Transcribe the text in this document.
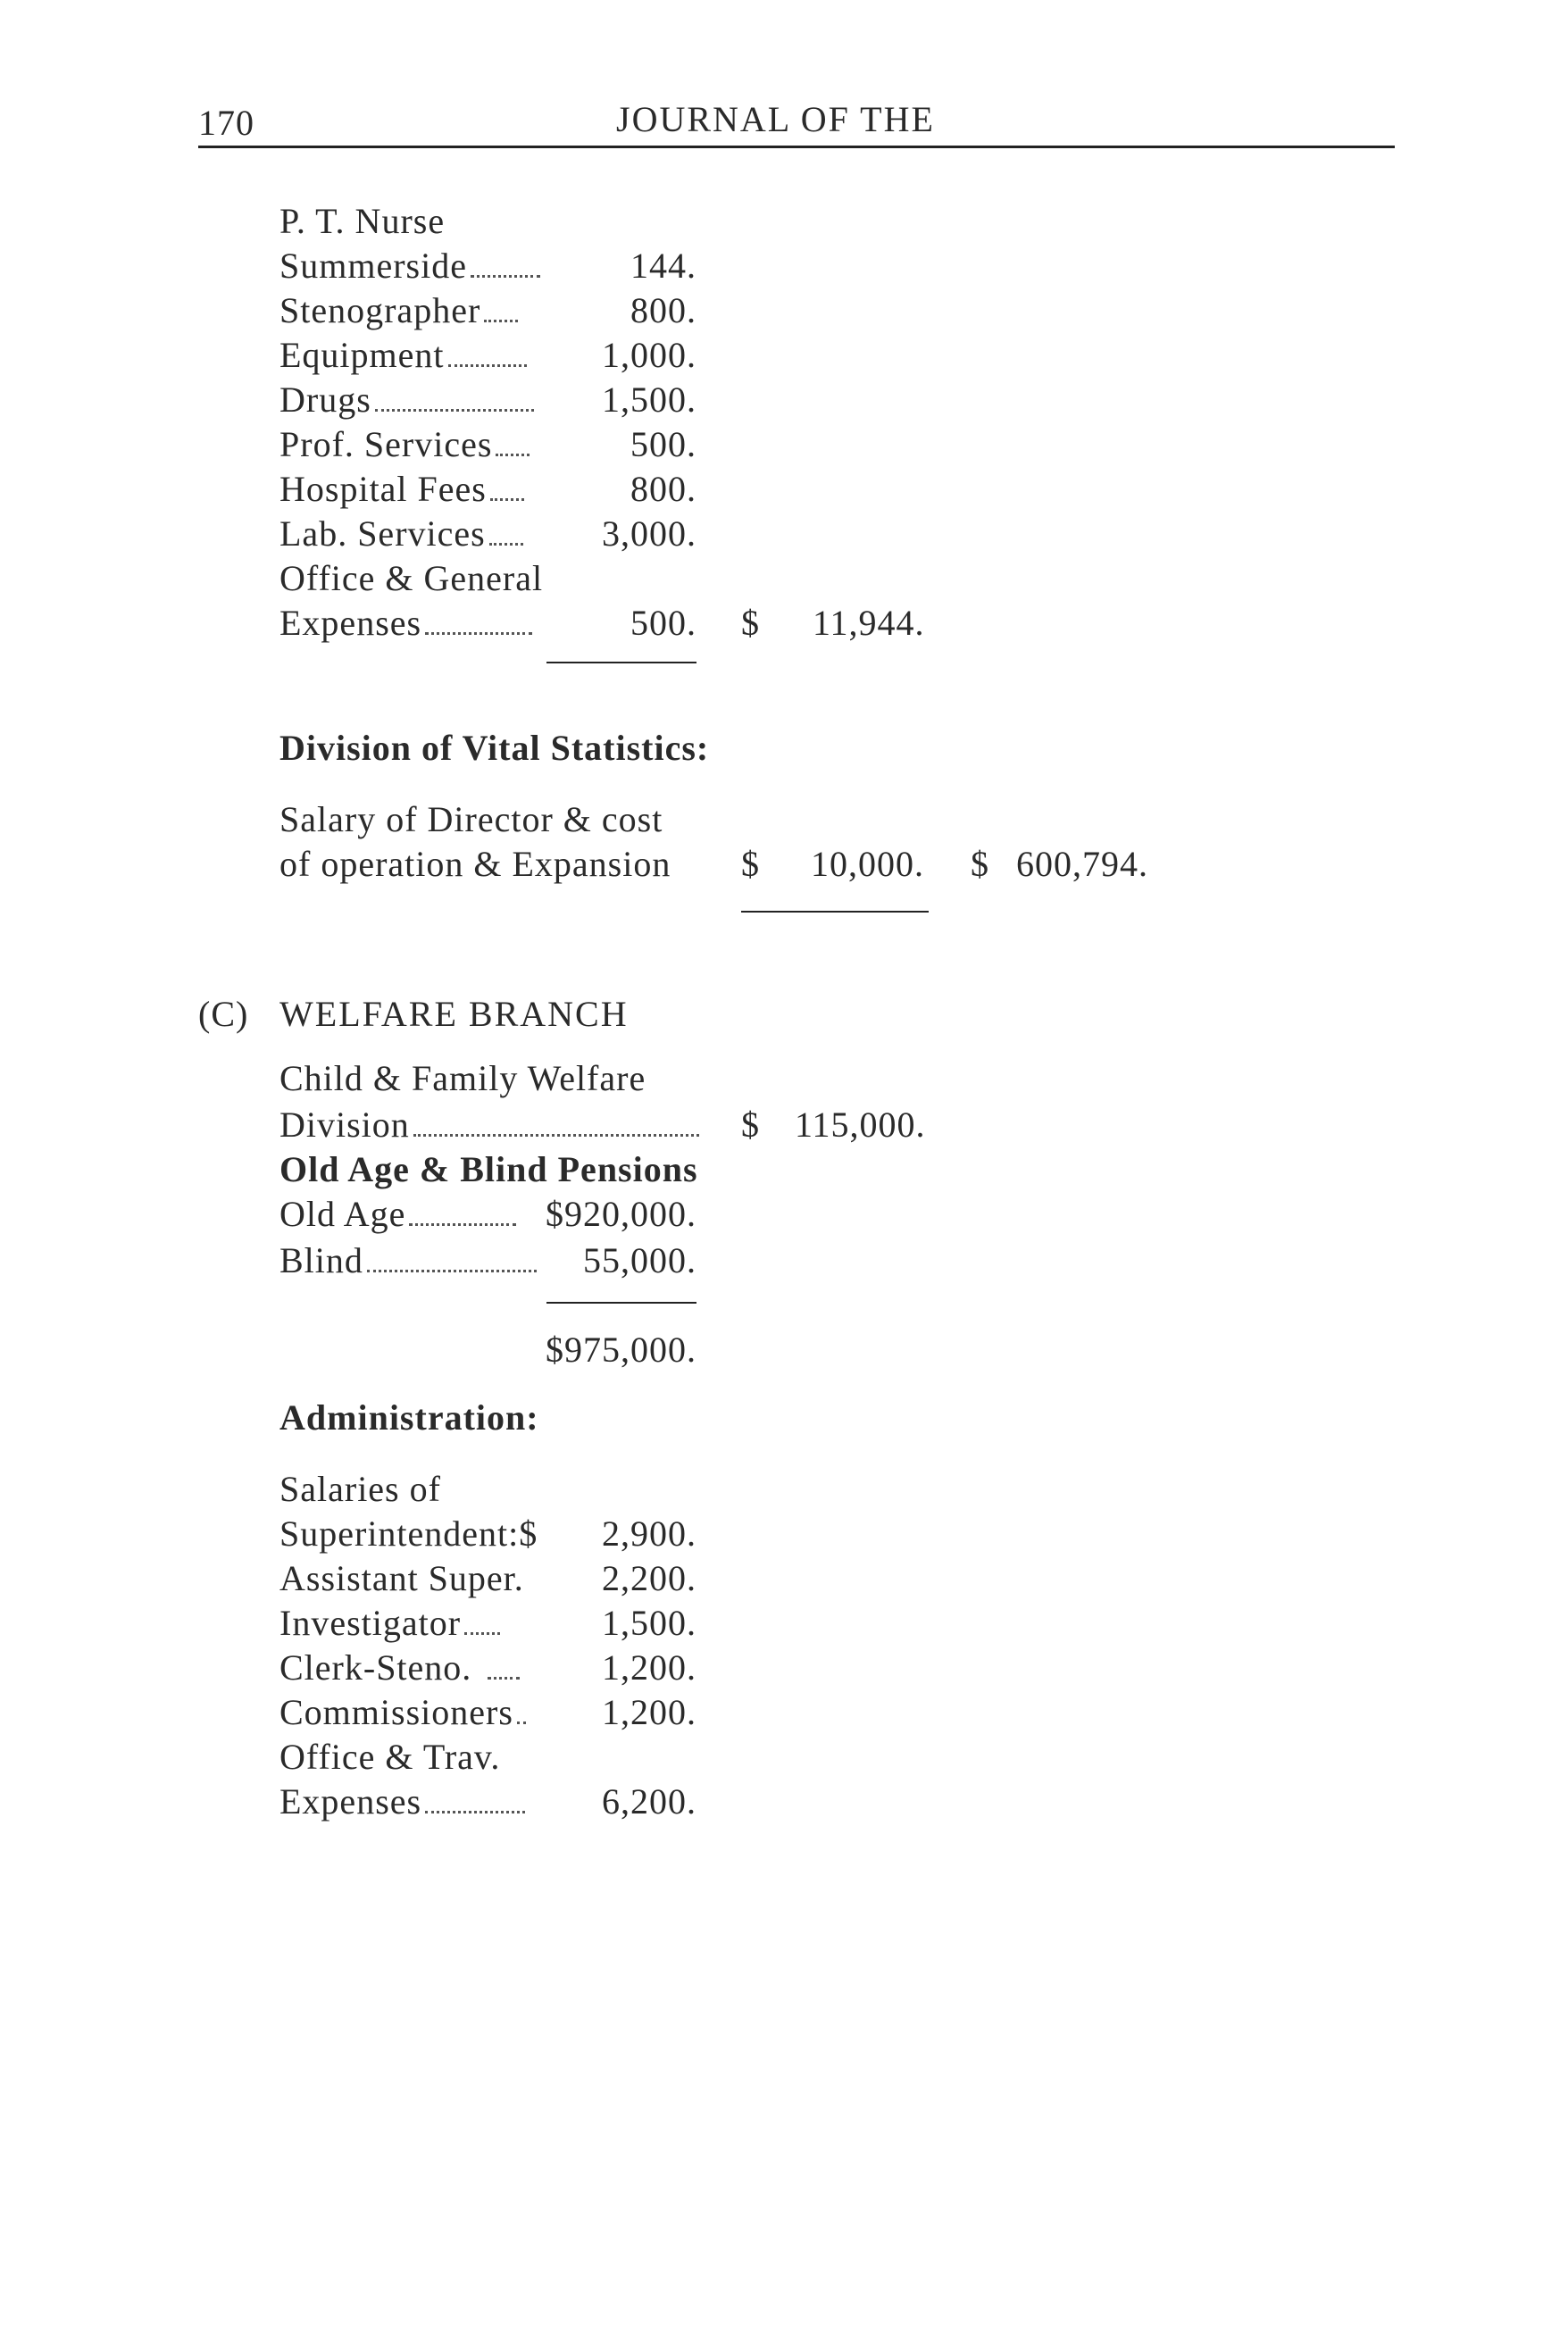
170	JOURNAL OF THE
P. T. Nurse
Summerside	144.
Stenographer	800.
Equipment	1,000.
Drugs	1,500.
Prof. Services	500.
Hospital Fees	800.
Lab. Services	3,000.
Office & General
Expenses	500. $ 11,944.
Division of Vital Statistics:
Salary of Director & cost
of operation & Expansion $ 10,000. $ 600,794.
(C) WELFARE BRANCH
Child & Family Welfare
Division	$ 115,000.
Old Age & Blind Pensions
Old Age	$920,000.
Blind	55,000.
$975,000.
Administration:
Salaries of
Superintendent:$	2,900.
Assistant Super.	2,200.
Investigator	1,500.
Clerk-Steno.	1,200.
Commissioners	1,200.
Office & Trav.
Expenses	6,200.
